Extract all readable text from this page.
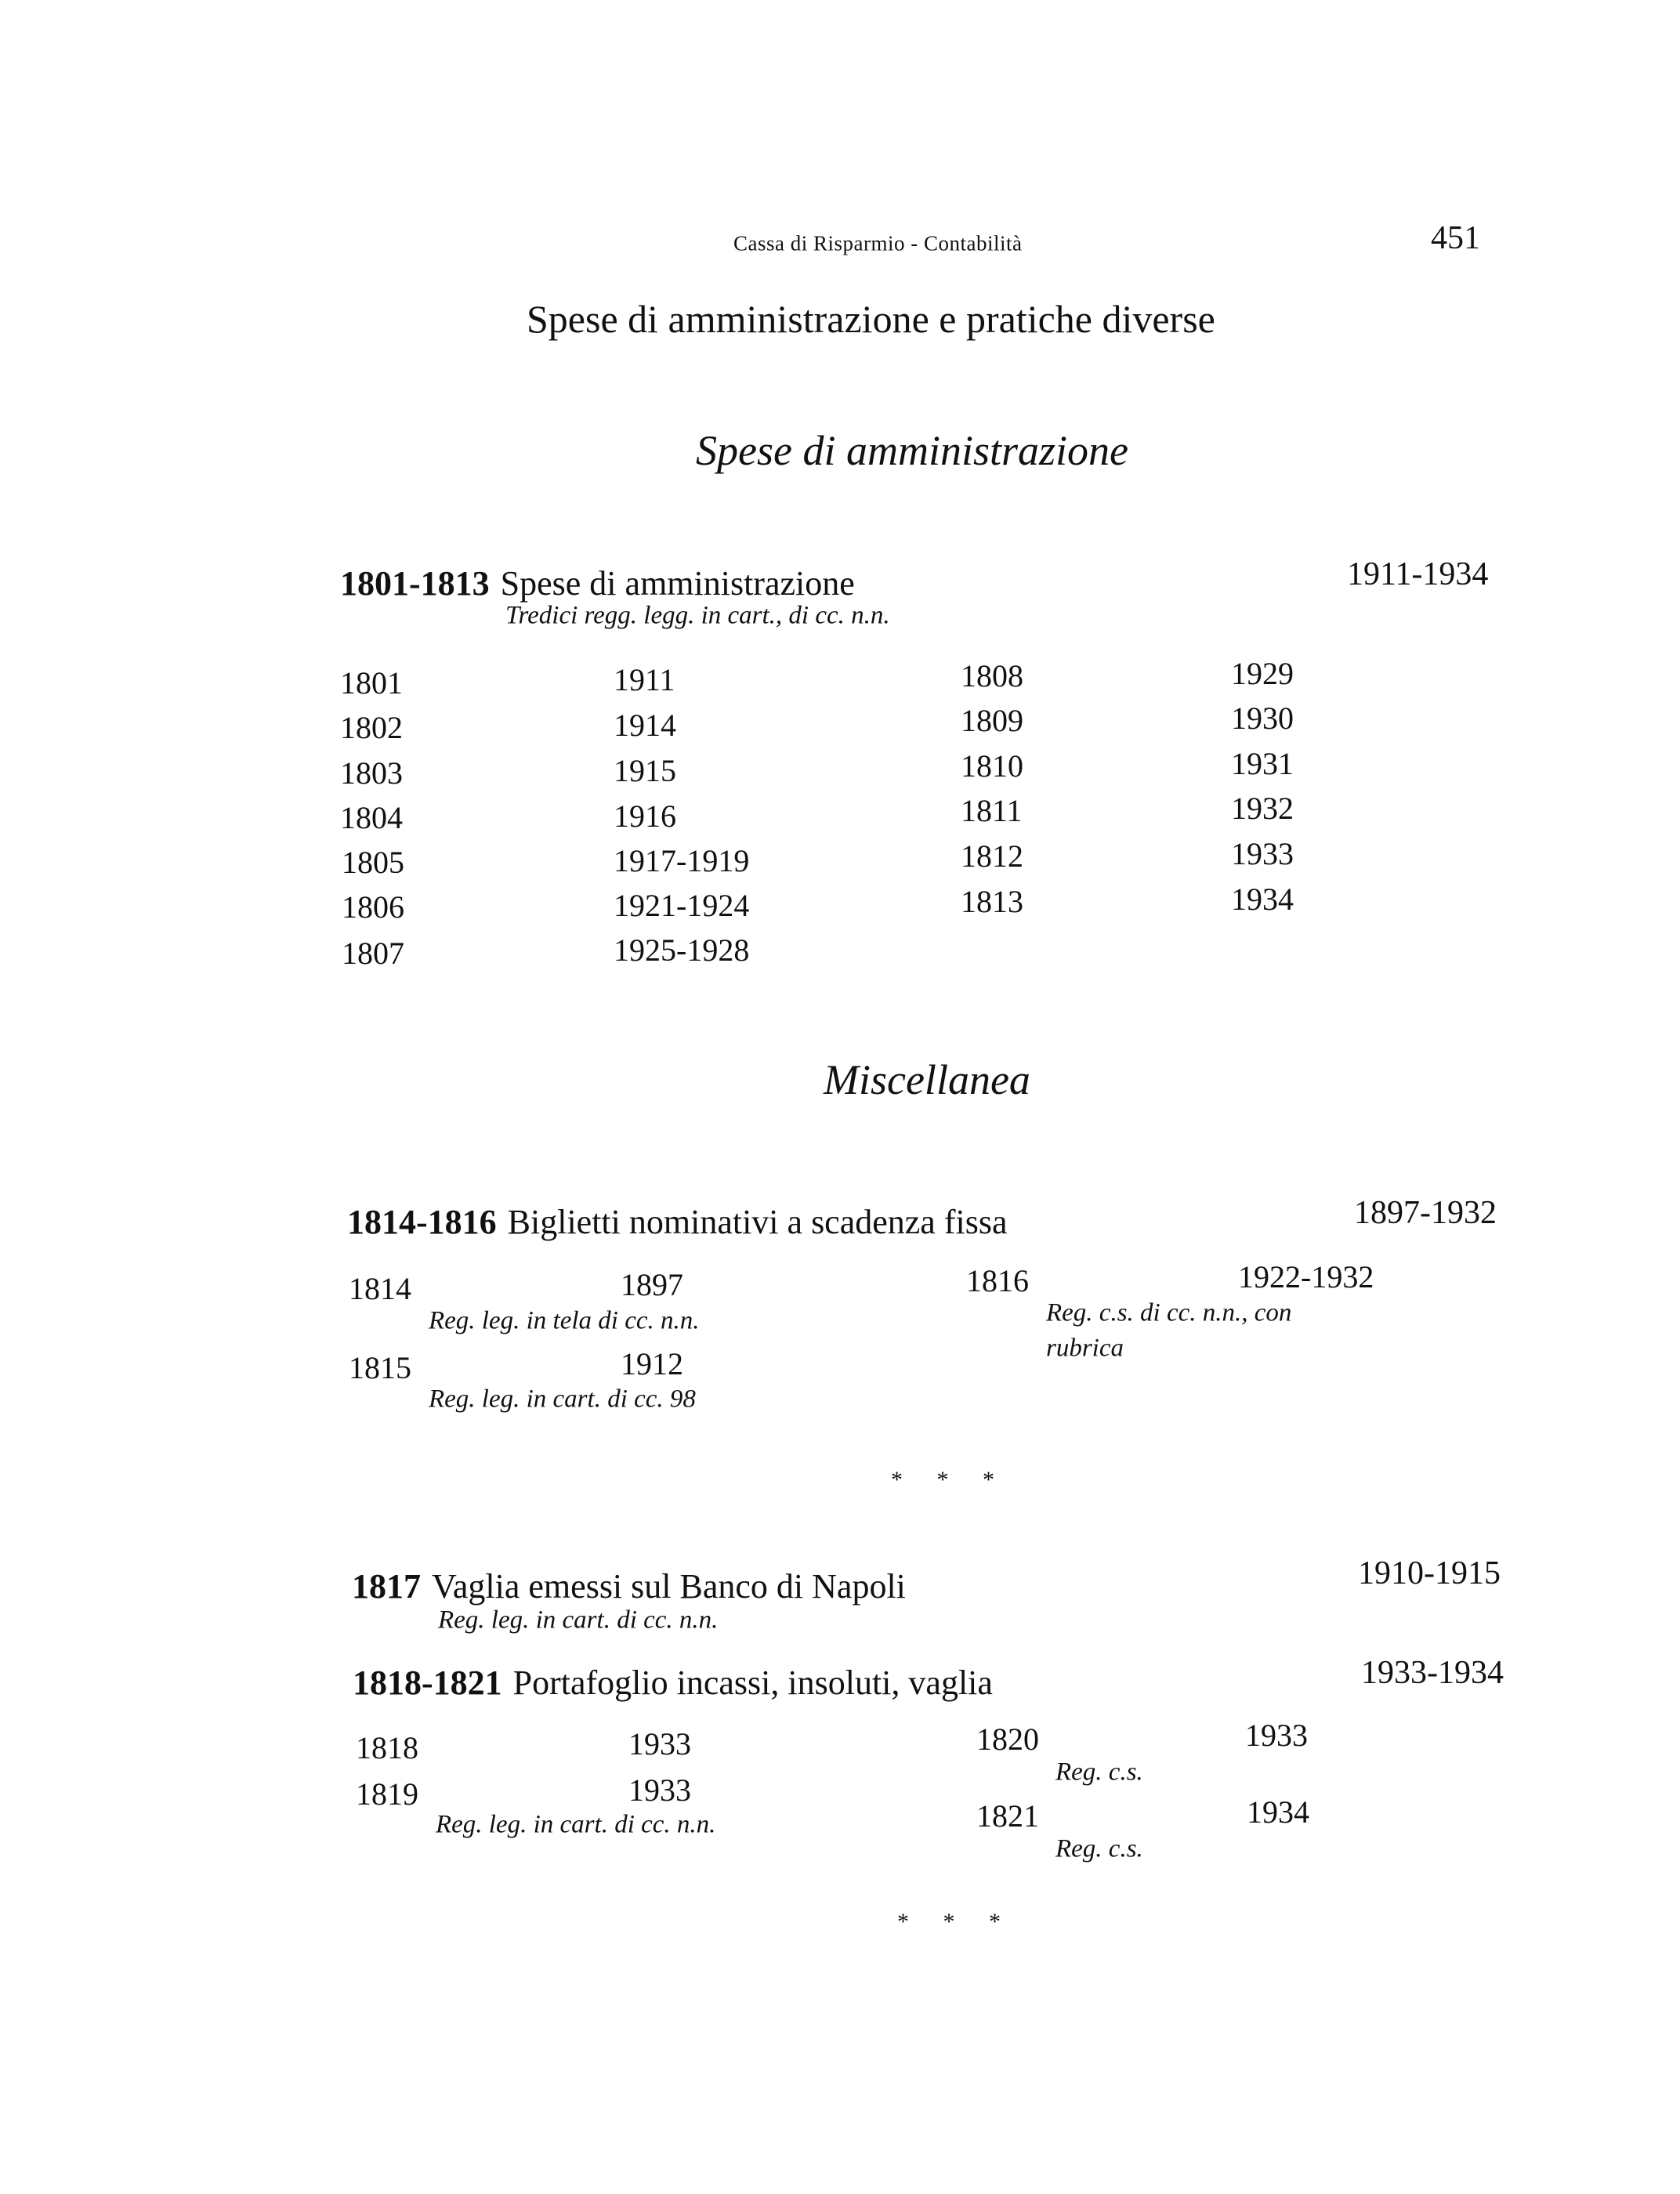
Cassa di Risparmio - Contabilità	451
Spese di amministrazione e pratiche diverse
Spese di amministrazione
1801-1813 Spese di amministrazione	1911-1934
Tredici regg. legg. in cart., di cc. n.n.
1801	1911
1802	1914
1803	1915
1804	1916
1805	1917-1919
1806	1921-1924
1807	1925-1928
1808	1929
1809	1930
1810	1931
1811	1932
1812	1933
1813	1934
Miscellanea
1814-1816 Biglietti nominativi a scadenza fissa	1897-1932
1814	1897
Reg. leg. in tela di cc. n.n.
1815	1912
Reg. leg. in cart. di cc. 98
1816	1922-1932
Reg. c.s. di cc. n.n., con
rubrica
* * *
1817 Vaglia emessi sul Banco di Napoli	1910-1915
Reg. leg. in cart. di cc. n.n.
1818-1821 Portafoglio incassi, insoluti, vaglia	1933-1934
1818	1933
1819	1933
Reg. leg. in cart. di cc. n.n.
1820	1933
Reg. c.s.
1821	1934
Reg. c.s.
* * *
